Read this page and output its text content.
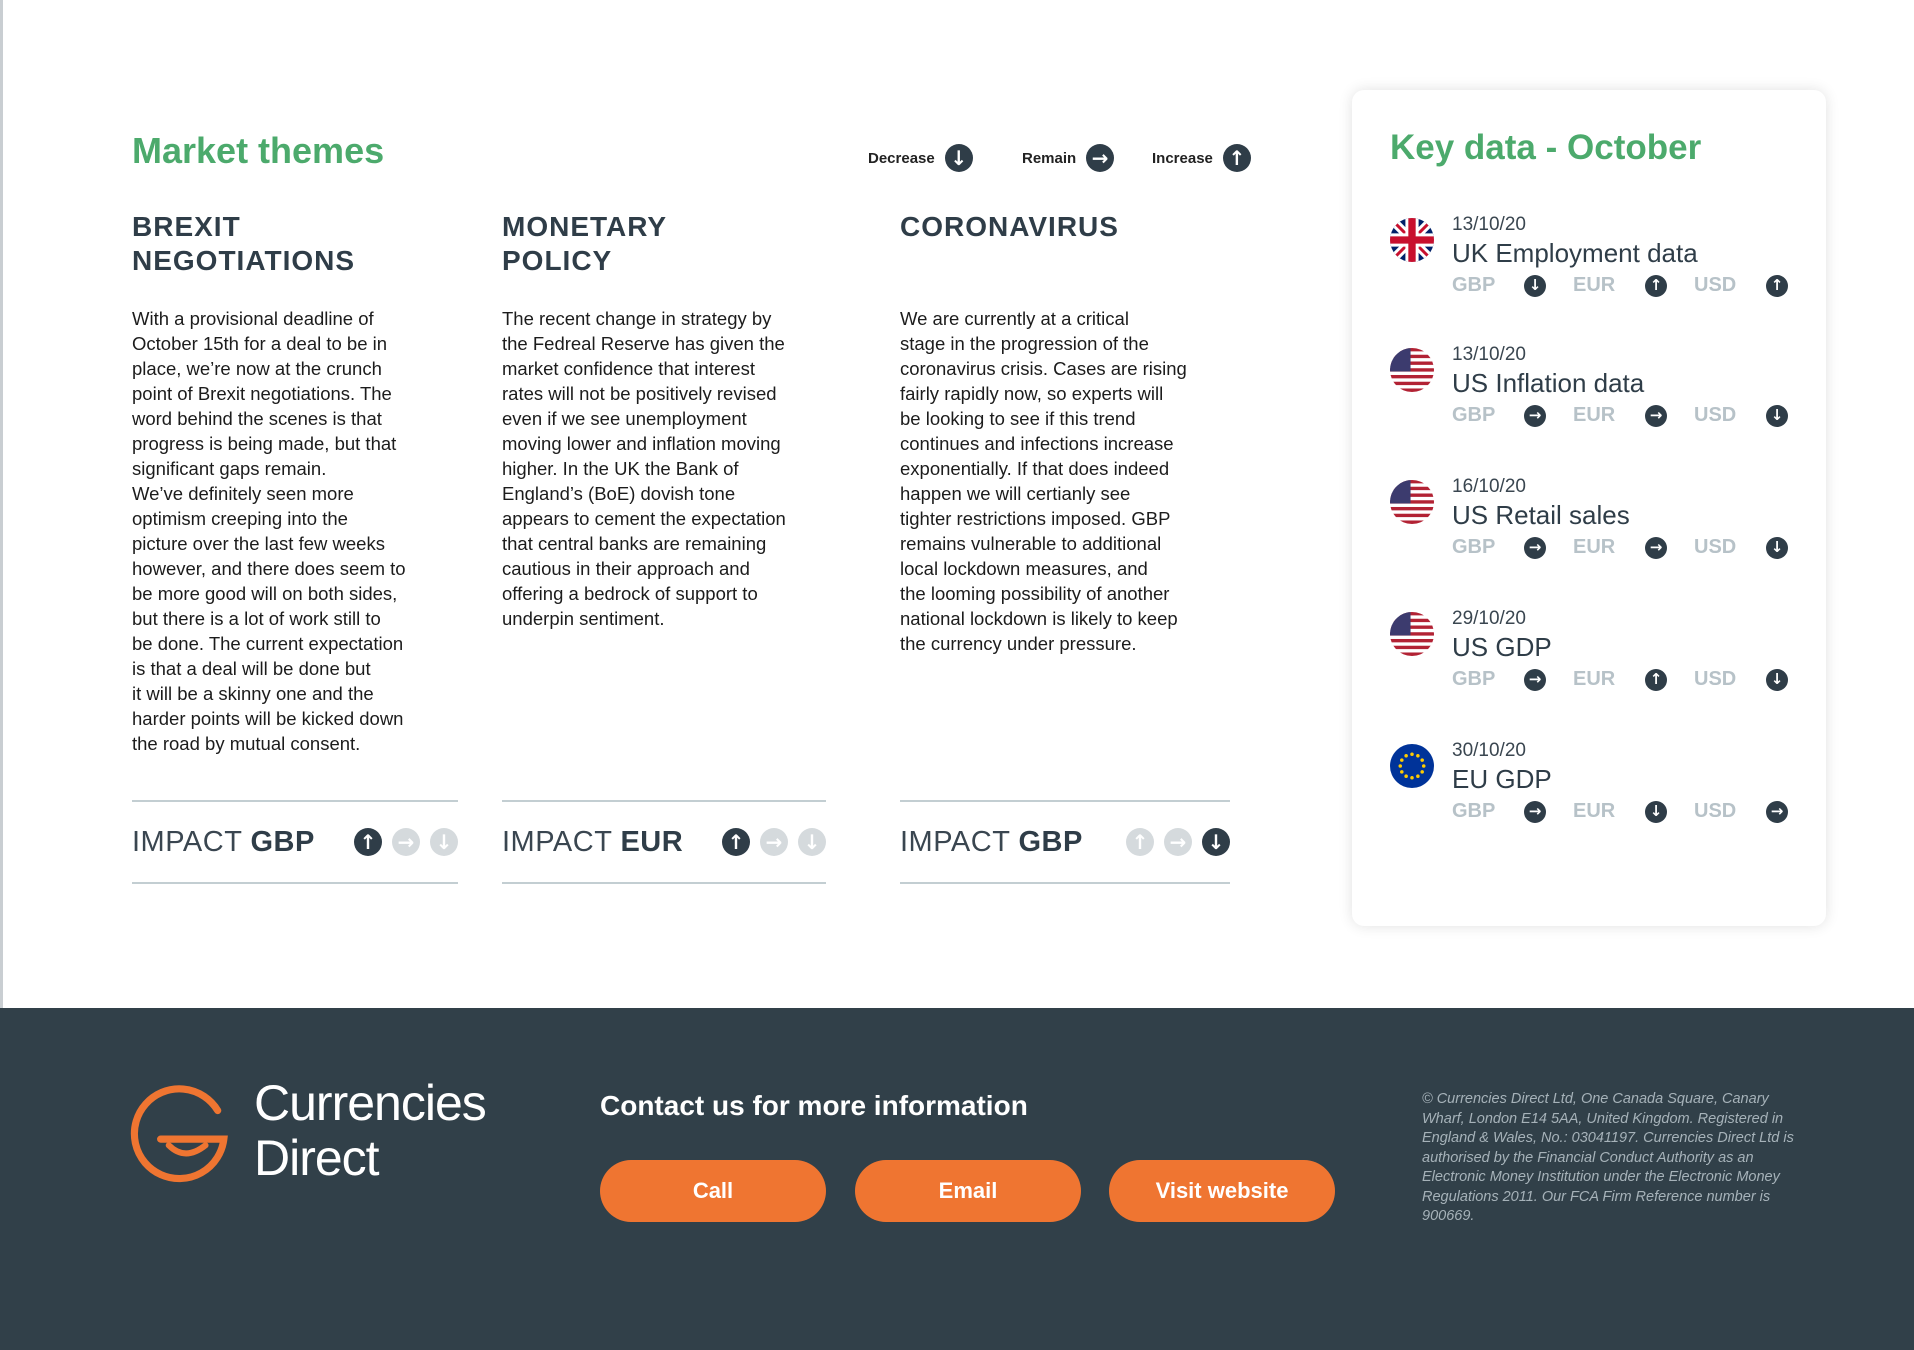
Market themes	Decrease ↓	Remain →	Increase ↑
BREXIT
NEGOTIATIONS

With a provisional deadline of
October 15th for a deal to be in
place, we’re now at the crunch
point of Brexit negotiations. The
word behind the scenes is that
progress is being made, but that
significant gaps remain.
We’ve definitely seen more
optimism creeping into the
picture over the last few weeks
however, and there does seem to
be more good will on both sides,
but there is a lot of work still to
be done. The current expectation
is that a deal will be done but
it will be a skinny one and the
harder points will be kicked down
the road by mutual consent.

MONETARY
POLICY

The recent change in strategy by
the Fedreal Reserve has given the
market confidence that interest
rates will not be positively revised
even if we see unemployment
moving lower and inflation moving
higher. In the UK the Bank of
England’s (BoE) dovish tone
appears to cement the expectation
that central banks are remaining
cautious in their approach and
offering a bedrock of support to
underpin sentiment.

CORONAVIRUS

We are currently at a critical
stage in the progression of the
coronavirus crisis. Cases are rising
fairly rapidly now, so experts will
be looking to see if this trend
continues and infections increase
exponentially. If that does indeed
happen we will certianly see
tighter restrictions imposed. GBP
remains vulnerable to additional
local lockdown measures, and
the looming possibility of another
national lockdown is likely to keep
the currency under pressure.

IMPACT GBP ↑ → ↓ IMPACT EUR ↑ → ↓	IMPACT GBP ↑ → ↓
Key data - October
13/10/20
UK Employment data
GBP	↓ EUR	↑ USD	↑
13/10/20
US Inflation data
GBP	→ EUR	→ USD	↓
16/10/20
US Retail sales
GBP	→ EUR	→ USD	↓
29/10/20
US GDP
GBP	→ EUR	↑ USD	↓
30/10/20
EU GDP
GBP	→ EUR	↓ USD	→
Currencies
Direct
Contact us for more information
Call	Email	Visit website
© Currencies Direct Ltd, One Canada Square, Canary Wharf, London E14 5AA, United Kingdom. Registered in England & Wales, No.: 03041197. Currencies Direct Ltd is authorised by the Financial Conduct Authority as an Electronic Money Institution under the Electronic Money Regulations 2011. Our FCA Firm Reference number is 900669.
